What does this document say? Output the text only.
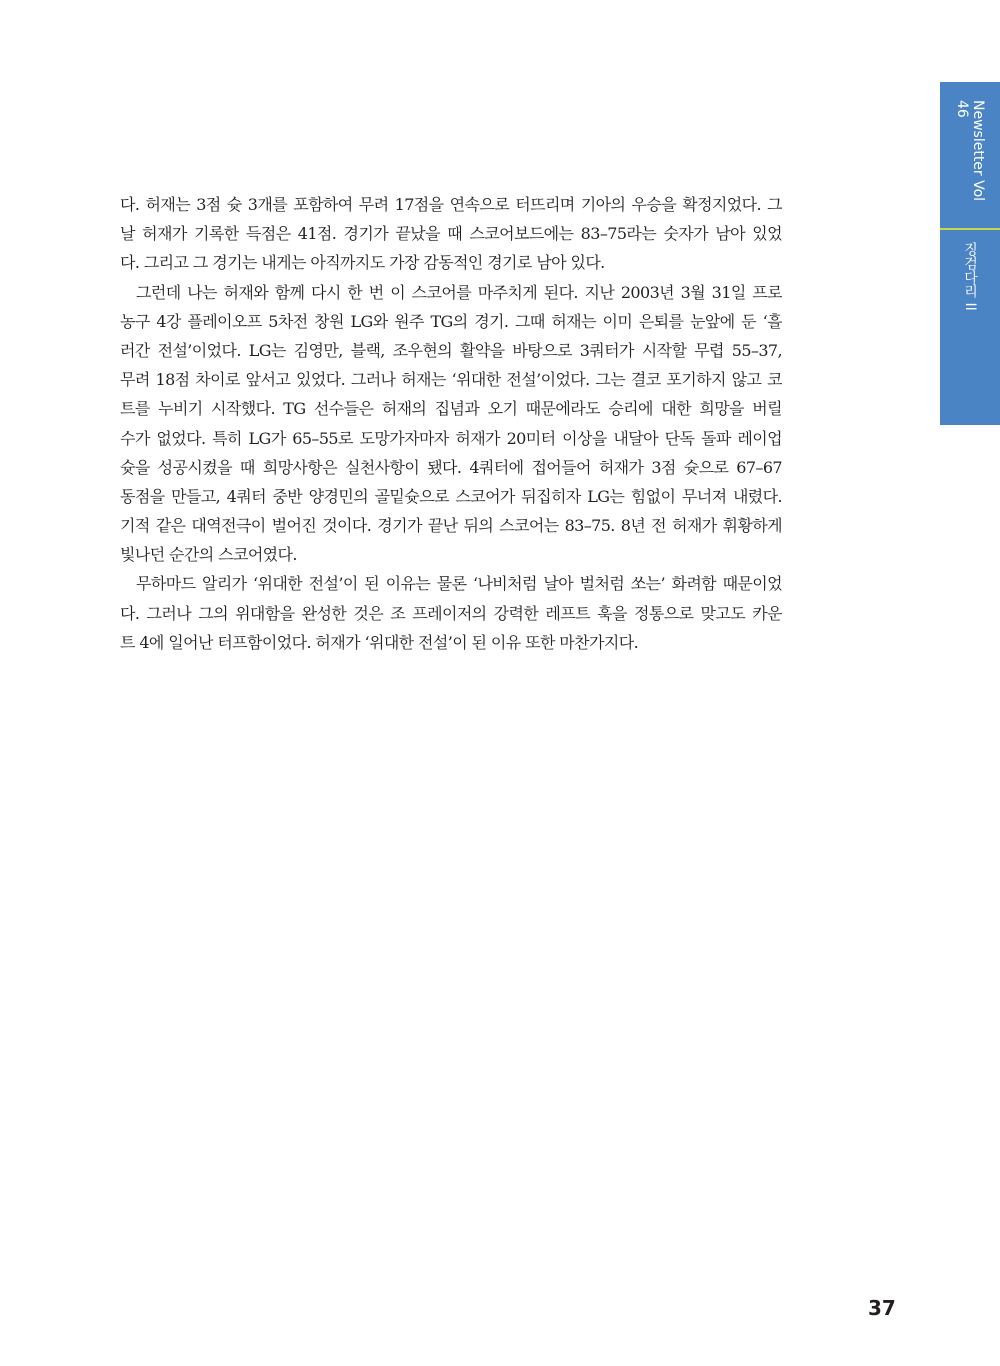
다. 허재는 3점 슛 3개를 포함하여 무려 17점을 연속으로 터뜨리며 기아의 우승을 확정지었다. 그
날 허재가 기록한 득점은 41점. 경기가 끝났을 때 스코어보드에는 83–75라는 숫자가 남아 있었
다. 그리고 그 경기는 내게는 아직까지도 가장 감동적인 경기로 남아 있다.
그런데 나는 허재와 함께 다시 한 번 이 스코어를 마주치게 된다. 지난 2003년 3월 31일 프로
농구 4강 플레이오프 5차전 창원 LG와 원주 TG의 경기. 그때 허재는 이미 은퇴를 눈앞에 둔 ‘흘
러간 전설’이었다. LG는 김영만, 블랙, 조우현의 활약을 바탕으로 3쿼터가 시작할 무렵 55–37,
무려 18점 차이로 앞서고 있었다. 그러나 허재는 ‘위대한 전설’이었다. 그는 결코 포기하지 않고 코
트를 누비기 시작했다. TG 선수들은 허재의 집념과 오기 때문에라도 승리에 대한 희망을 버릴
수가 없었다. 특히 LG가 65–55로 도망가자마자 허재가 20미터 이상을 내달아 단독 돌파 레이업
슛을 성공시켰을 때 희망사항은 실천사항이 됐다. 4쿼터에 접어들어 허재가 3점 슛으로 67–67
동점을 만들고, 4쿼터 중반 양경민의 골밑슛으로 스코어가 뒤집히자 LG는 힘없이 무너져 내렸다.
기적 같은 대역전극이 벌어진 것이다. 경기가 끝난 뒤의 스코어는 83–75. 8년 전 허재가 휘황하게
빛나던 순간의 스코어였다.
무하마드 알리가 ‘위대한 전설’이 된 이유는 물론 ‘나비처럼 날아 벌처럼 쏘는’ 화려함 때문이었
다. 그러나 그의 위대함을 완성한 것은 조 프레이저의 강력한 레프트 훅을 정통으로 맞고도 카운
트 4에 일어난 터프함이었다. 허재가 ‘위대한 전설’이 된 이유 또한 마찬가지다.
Newsletter Vol 46
징검다리 II
37
